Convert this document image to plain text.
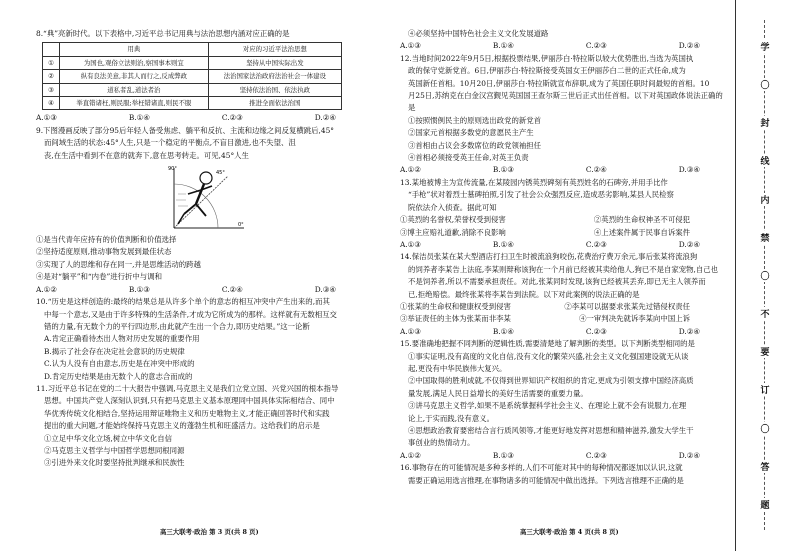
8.“典”亮新时代。以下表格中,习近平总书记用典与法治思想内涵对应正确的是

	用典	对应的习近平法治思想
①	为国也,观俗立法则治,察国事本则宜	坚持从中国实际出发
②	纵有良法美意,非其人而行之,反成弊政	法治国家法治政府法治社会一体建设
③	道私者乱,道法者治	坚持依法治国、依法执政
④	举直错诸枉,则民服;举枉错诸直,则民不服	推进全面依法治国
A.①③	B.①④	C.②③	D.②④

9.下图漫画反映了部分95后年轻人备受焦虑、躺平和反抗、主流和边缘之间反复横跳后,45°

而间域生活的状态:45°人生,只是一个稳定的平衡点,不盲目激进,也不失望、沮

丧,在生活中看到不在意的就奔下,意在思考转走。可见,45°人生

90°
45°
0°

①是当代青年应持有的价值判断和价值选择

②坚持适度原则,推动事物发展到最佳状态

③实现了人的思维和存在同一,并是思维活动的跨越

④是对“躺平”和“内卷”进行折中与调和

A.①②	B.①③	C.②④	D.③④

10.“历史是这样创造的:最终的结果总是从许多个单个的意志的相互冲突中产生出来的,而其

中每一个意志,又是由于许多特殊的生活条件,才成为它所成为的那样。这样就有无数相互交

错的力量,有无数个力的平行四边形,由此就产生出一个合力,即历史结果。”这一论断

A.肯定正确看待杰出人物对历史发展的重要作用

B.揭示了社会存在决定社会意识的历史规律

C.认为人没有自由意志,历史是在冲突中形成的

D.肯定历史结果是由无数个人的意志合而成的

11.习近平总书记在党的二十大报告中强调,马克思主义是我们立党立国、兴党兴国的根本指导

思想。中国共产党人深刻认识到,只有把马克思主义基本原理同中国具体实际相结合、同中

华优秀传统文化相结合,坚持运用辩证唯物主义和历史唯物主义,才能正确回答时代和实践

提出的重大问题,才能始终保持马克思主义的蓬勃生机和旺盛活力。这给我们的启示是

①立足中华文化立场,树立中华文化自信

②马克思主义哲学与中国哲学思想同根同源

③引进外来文化时要坚持批判继承和民族性

高三大联考·政治 第 3 页(共 8 页)

④必须坚持中国特色社会主义文化发展道路

A.①③	B.①④	C.②③	D.②④

12.当地时间2022年9月5日,根据投票结果,伊丽莎白·特拉斯以较大优势胜出,当选为英国执

政的保守党新党首。6日,伊丽莎白·特拉斯接受英国女王伊丽莎白二世的正式任命,成为

英国新任首相。10月20日,伊丽莎白·特拉斯就宣布辞职,成为了英国任职时间最短的首相。10

月25日,苏纳克在白金汉宫觐见英国国王查尔斯三世后正式出任首相。以下对英国政体说法正确的是

①按照惯例民主的原则选出政党的新党首

②国家元首根据多数党的意愿民主产生

③首相由占议会多数席位的政党领袖担任

④首相必须接受英王任命,对英王负责

A.①②	B.①③	C.②④	D.③④

13.某地被博主为宣传流量,在某陵园内锈英烈碑刻有英烈姓名的石碑旁,并用手比作

“手枪”状对着烈士墓碑拍照,引发了社会公众强烈反应,造成恶劣影响,某县人民检察

院依法介入侦查。据此可知

①英烈的名誉权,荣誉权受到侵害	②英烈的生命权神圣不可侵犯
③博主应赔礼道歉,消除不良影响	④上述案件属于民事自诉案件
A.①③	B.①④	C.②③	D.②④

14.保洁员张某在某大型酒店打扫卫生时被流浪狗咬伤,花费治疗费万余元,事后张某将流浪狗

的饲养者李某告上法庭,李某则辩称该狗在一个月前已经被其卖给他人,狗已不是自家宠物,自己也

不是饲养者,所以不需要承担责任。对此,张某同时发现,该狗已经被其丢弃,即已无主人领养而

已,拒绝赔偿。最终张某将李某告到法院。以下对此案例的说法正确的是

①张某的生命权和健康权受到侵害	②李某可以据要求张某先过错侵权责任
③举证责任的主体为张某而非李某	④一审判决先就诉李某向中国上诉
A.①③	B.①④	C.②③	D.②④

15.要准确地把握不同判断的逻辑性质,需要清楚地了解判断的类型。以下判断类型相同的是

①事实证明,没有高度的文化自信,没有文化的繁荣兴盛,社会主义文化强国建设就无从谈

起,更没有中华民族伟大复兴。

②中国取得的胜利成就,不仅得到世界知识产权组织的肯定,更成为引领支撑中国经济高质

量发展,满足人民日益增长的美好生活需要的重要力量。

③讲马克思主义哲学,如果不是系统掌握科学社会主义、在理论上就不会有说服力,在理

论上,于实而践,没有意义。

④思想政治教育要密结合言行质风领等,才能更好地发挥对思想和精神滋养,激发大学生干

事创业的热情动力。

A.①②	B.①③	C.②③	D.②④

16.事物存在的可能情况是多种多样的,人们不可能对其中的每种情况都逐加以认识,这就

需要正确运用选言推理,在事物诸多的可能情况中做出选择。下列选言推理不正确的是

高三大联考·政治 第 4 页(共 8 页)
学
〇
封
线
内
禁
〇
不
要
订
〇
答
题
